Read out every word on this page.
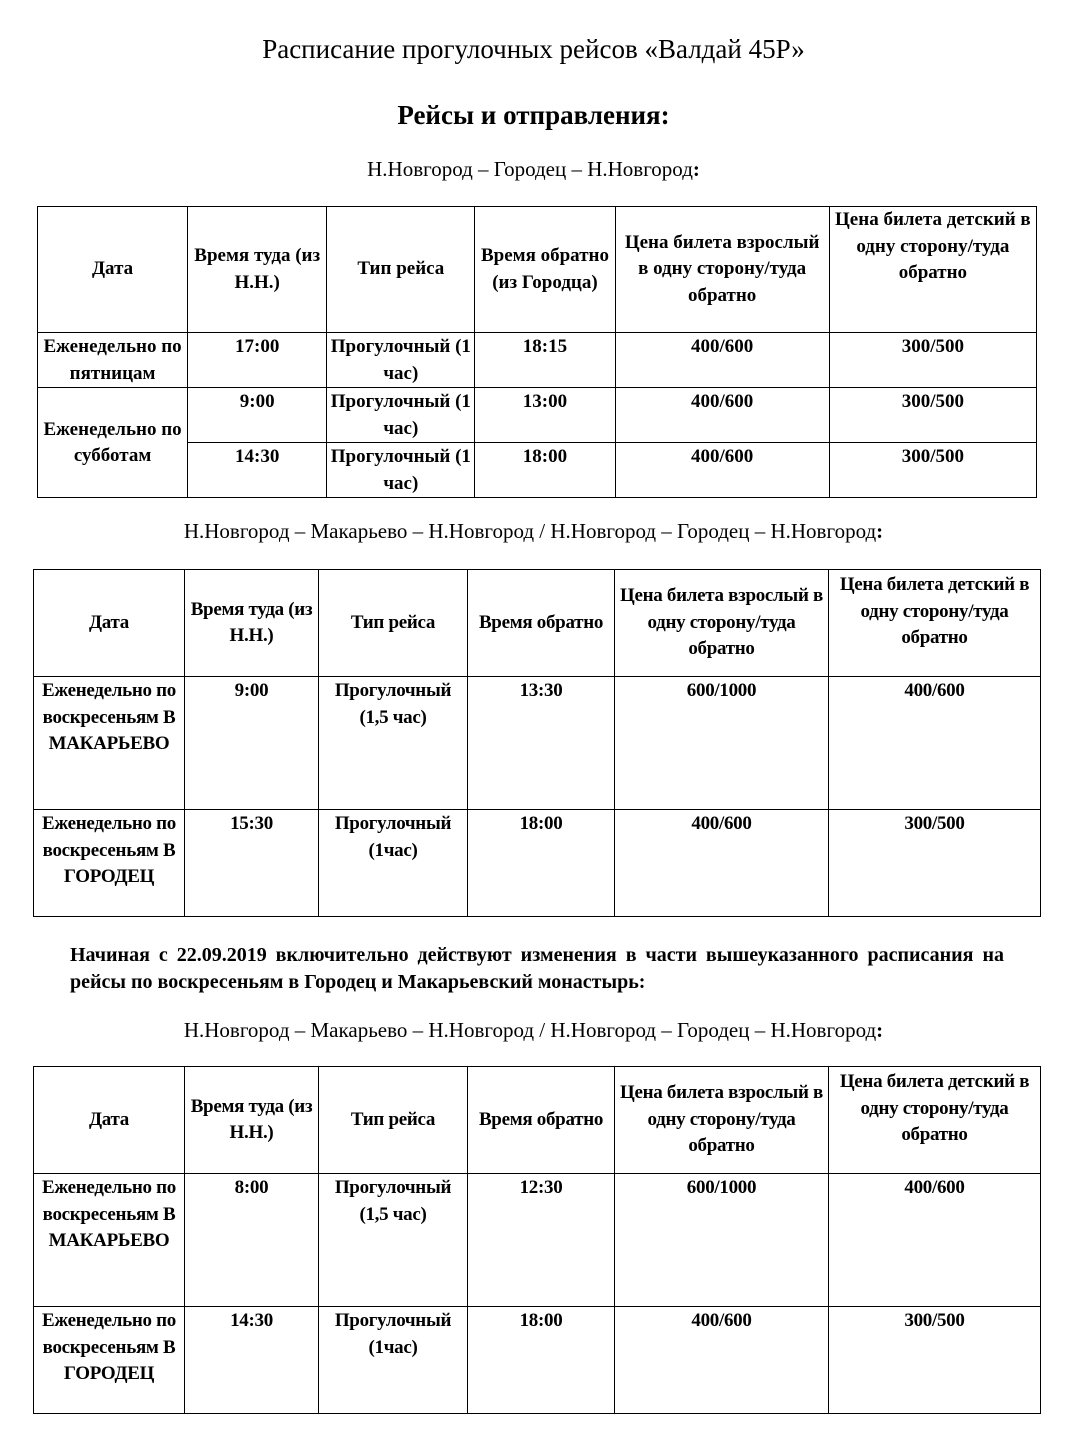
Расписание прогулочных рейсов «Валдай 45Р»
Рейсы и отправления:
Н.Новгород – Городец – Н.Новгород:
Дата	Время туда (из Н.Н.)	Тип рейса	Время обратно (из Городца)	Цена билета взрослый в одну сторону/туда обратно	Цена билета детский в одну сторону/туда обратно
Еженедельно по пятницам	17:00	Прогулочный (1 час)	18:15	400/600	300/500
Еженедельно по субботам	9:00	Прогулочный (1 час)	13:00	400/600	300/500
	14:30	Прогулочный (1 час)	18:00	400/600	300/500
Н.Новгород – Макарьево – Н.Новгород / Н.Новгород – Городец – Н.Новгород:
Дата	Время туда (из Н.Н.)	Тип рейса	Время обратно	Цена билета взрослый в одну сторону/туда обратно	Цена билета детский в одну сторону/туда обратно
Еженедельно по воскресеньям В МАКАРЬЕВО	9:00	Прогулочный (1,5 час)	13:30	600/1000	400/600
Еженедельно по воскресеньям В ГОРОДЕЦ	15:30	Прогулочный (1час)	18:00	400/600	300/500
Начиная с 22.09.2019 включительно действуют изменения в части вышеуказанного расписания на рейсы по воскресеньям в Городец и Макарьевский монастырь:
Н.Новгород – Макарьево – Н.Новгород / Н.Новгород – Городец – Н.Новгород:
Дата	Время туда (из Н.Н.)	Тип рейса	Время обратно	Цена билета взрослый в одну сторону/туда обратно	Цена билета детский в одну сторону/туда обратно
Еженедельно по воскресеньям В МАКАРЬЕВО	8:00	Прогулочный (1,5 час)	12:30	600/1000	400/600
Еженедельно по воскресеньям В ГОРОДЕЦ	14:30	Прогулочный (1час)	18:00	400/600	300/500
